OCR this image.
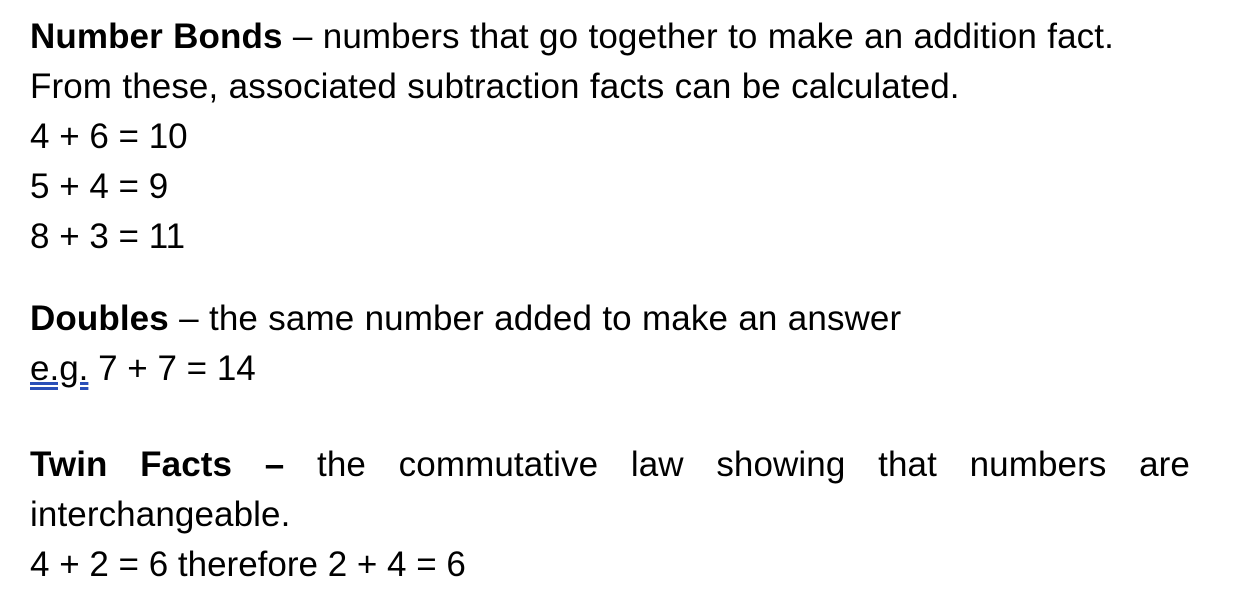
Number Bonds – numbers that go together to make an addition fact. From these, associated subtraction facts can be calculated.

4 + 6 = 10
5 + 4 = 9
8 + 3 = 11

Doubles – the same number added to make an answer

e.g. 7 + 7 = 14

Twin Facts – the commutative law showing that numbers are interchangeable.

4 + 2 = 6 therefore 2 + 4 = 6
